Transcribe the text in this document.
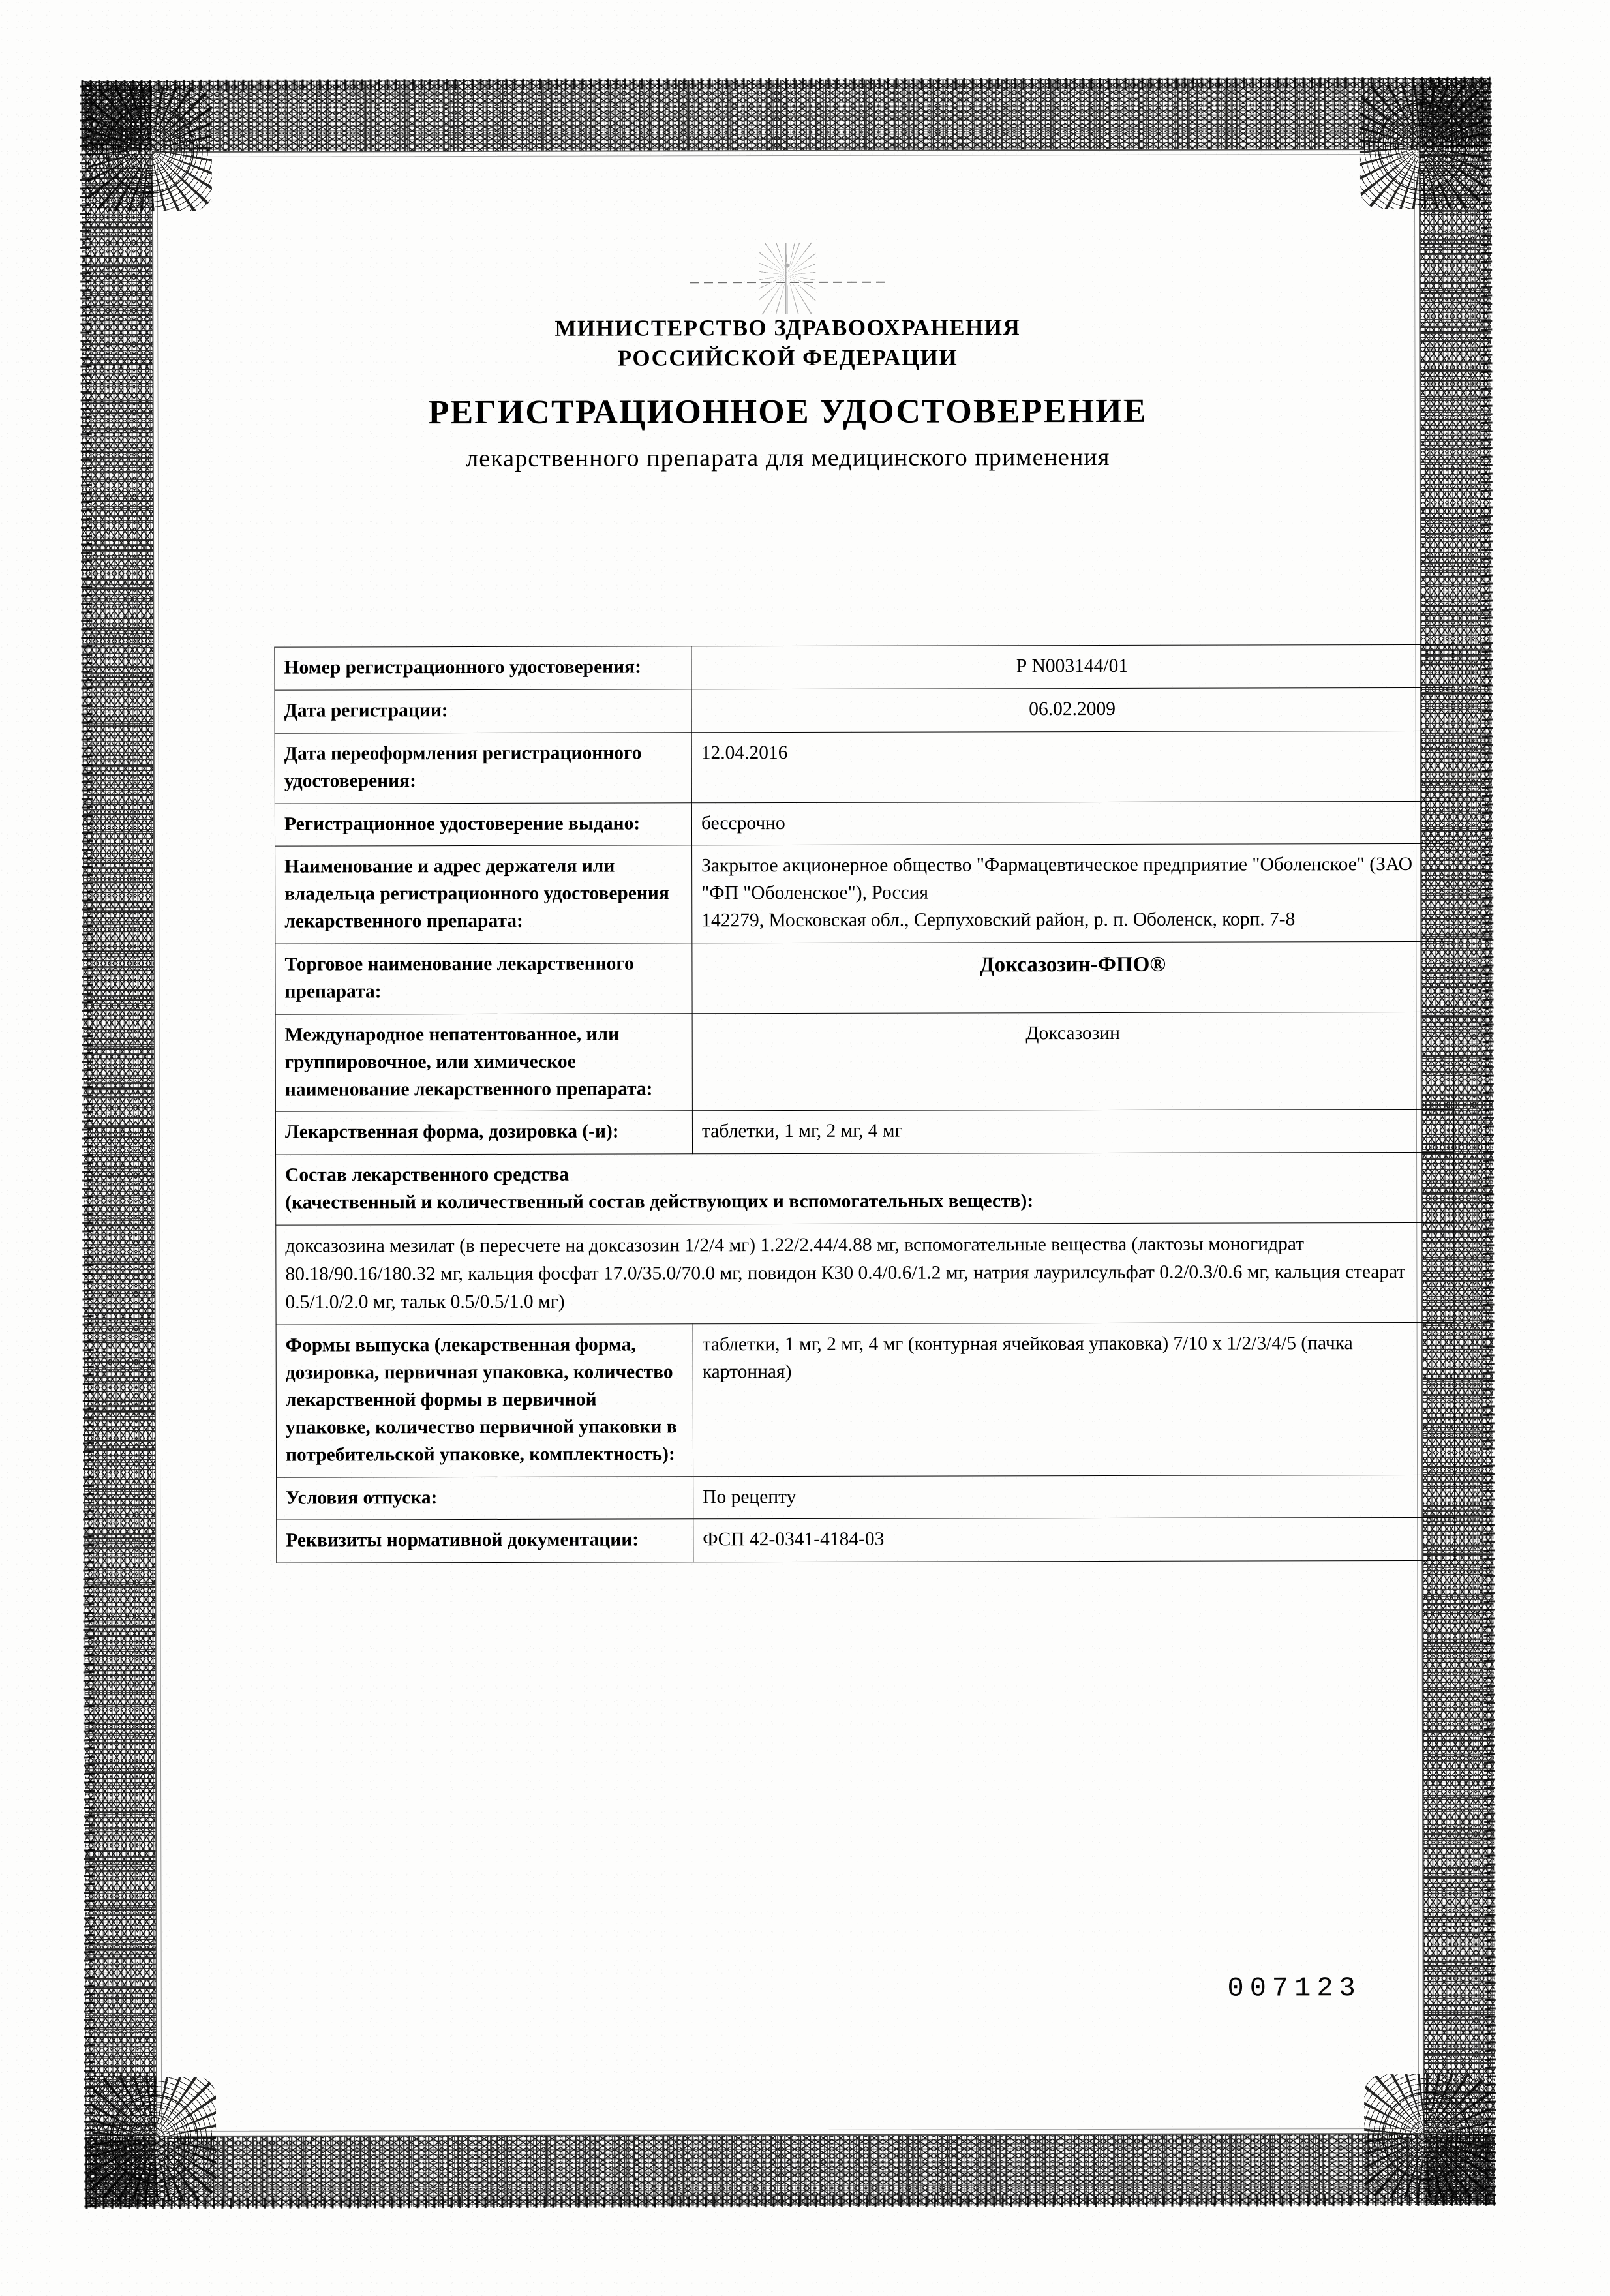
МИНИСТЕРСТВО ЗДРАВООХРАНЕНИЯ
РОССИЙСКОЙ ФЕДЕРАЦИИ
РЕГИСТРАЦИОННОЕ УДОСТОВЕРЕНИЕ
лекарственного препарата для медицинского применения
Номер регистрационного удостоверения:	Р N003144/01
Дата регистрации:	06.02.2009
Дата переоформления регистрационного удостоверения:	12.04.2016
Регистрационное удостоверение выдано:	бессрочно
Наименование и адрес держателя или владельца регистрационного удостоверения лекарственного препарата:	Закрытое акционерное общество "Фармацевтическое предприятие "Оболенское" (ЗАО "ФП "Оболенское"), Россия
142279, Московская обл., Серпуховский район, р. п. Оболенск, корп. 7-8
Торговое наименование лекарственного препарата:	Доксазозин-ФПО®
Международное непатентованное, или группировочное, или химическое наименование лекарственного препарата:	Доксазозин
Лекарственная форма, дозировка (-и):	таблетки, 1 мг, 2 мг, 4 мг

Состав лекарственного средства
(качественный и количественный состав действующих и вспомогательных веществ):	

доксазозина мезилат (в пересчете на доксазозин 1/2/4 мг) 1.22/2.44/4.88 мг, вспомогательные вещества (лактозы моногидрат 80.18/90.16/180.32 мг, кальция фосфат 17.0/35.0/70.0 мг, повидон К30 0.4/0.6/1.2 мг, натрия лаурилсульфат 0.2/0.3/0.6 мг, кальция стеарат 0.5/1.0/2.0 мг, тальк 0.5/0.5/1.0 мг)	
Формы выпуска (лекарственная форма, дозировка, первичная упаковка, количество лекарственной формы в первичной упаковке, количество первичной упаковки в потребительской упаковке, комплектность):	таблетки, 1 мг, 2 мг, 4 мг (контурная ячейковая упаковка) 7/10 х 1/2/3/4/5 (пачка картонная)
Условия отпуска:	По рецепту
Реквизиты нормативной документации:	ФСП 42-0341-4184-03
007123
